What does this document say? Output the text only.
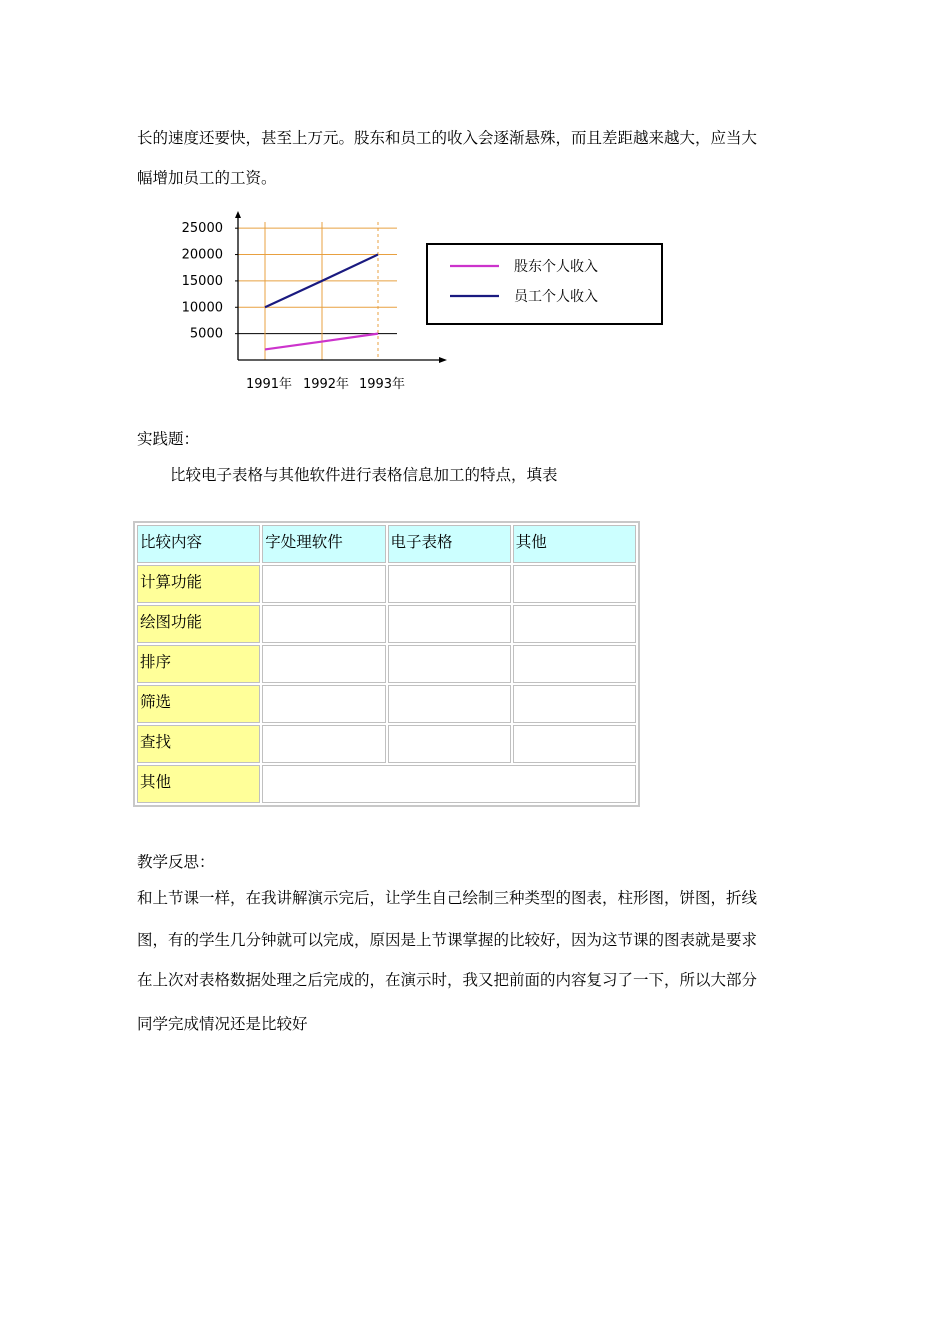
长的速度还要快，甚至上万元。股东和员工的收入会逐渐悬殊，而且差距越来越大，应当大
幅增加员工的工资。
5000
10000
15000
20000
25000
1991年 1992年 1993年
股东个人收入
员工个人收入
实践题：
比较电子表格与其他软件进行表格信息加工的特点，填表
比较内容	字处理软件	电子表格	其他
计算功能			
绘图功能			
排序			
筛选			
查找			
其他			
教学反思：
和上节课一样，在我讲解演示完后，让学生自己绘制三种类型的图表，柱形图，饼图，折线
图，有的学生几分钟就可以完成，原因是上节课掌握的比较好，因为这节课的图表就是要求
在上次对表格数据处理之后完成的，在演示时，我又把前面的内容复习了一下，所以大部分
同学完成情况还是比较好
